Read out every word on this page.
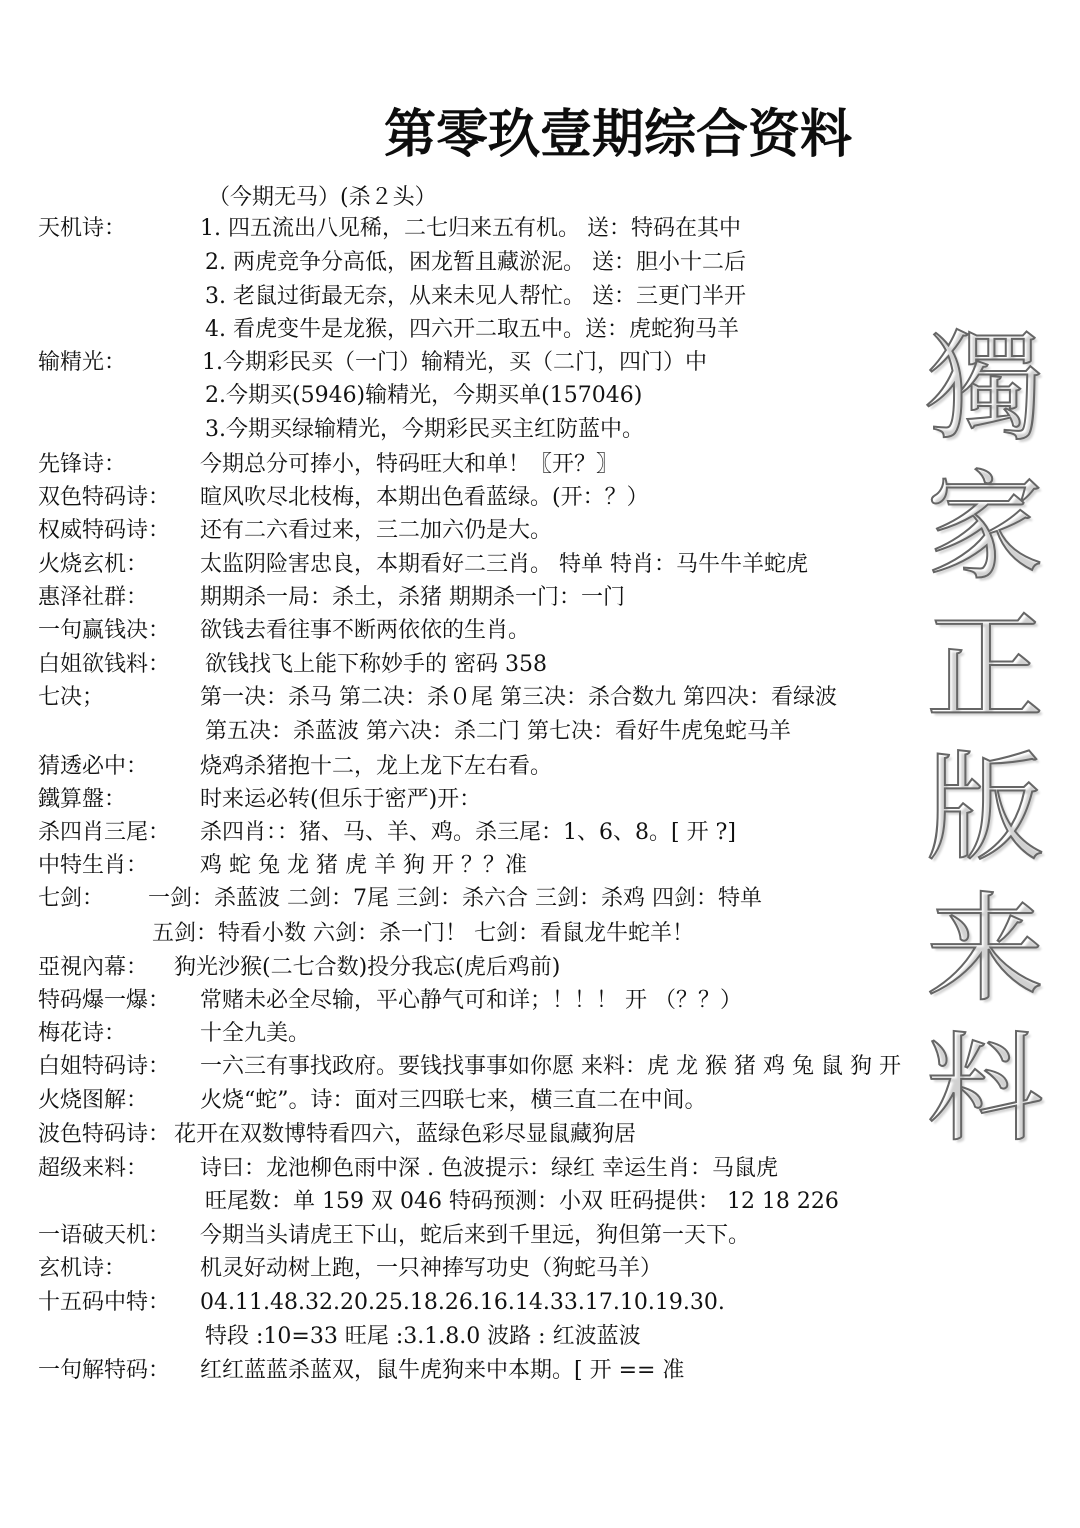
第零玖壹期综合资料
（今期无马）(杀２头）
獨
家
正
版
来
料
天机诗：	1. 四五流出八见稀，二七归来五有机。 送：特码在其中
2. 两虎竞争分高低，困龙暂且藏淤泥。 送：胆小十二后
3. 老鼠过街最无奈，从来未见人帮忙。 送：三更门半开
4. 看虎变牛是龙猴，四六开二取五中。送：虎蛇狗马羊
输精光：	1.今期彩民买（一门）输精光，买（二门，四门）中
2.今期买(5946)输精光，今期买单(157046)
3.今期买绿输精光，今期彩民买主红防蓝中。
先锋诗：	今期总分可捧小，特码旺大和单！〖开？〗
双色特码诗： 暄风吹尽北枝梅，本期出色看蓝绿。(开：？）
权威特码诗： 还有二六看过来，三二加六仍是大。
火烧玄机： 太监阴险害忠良，本期看好二三肖。 特单 特肖：马牛牛羊蛇虎
惠泽社群： 期期杀一局：杀土，杀猪 期期杀一门：一门
一句赢钱决： 欲钱去看往事不断两依依的生肖。
白姐欲钱料： 欲钱找飞上能下称妙手的 密码 358
七决；	第一决：杀马 第二决：杀０尾 第三决：杀合数九 第四决：看绿波
第五决：杀蓝波 第六决：杀二门 第七决：看好牛虎兔蛇马羊
猜透必中： 烧鸡杀猪抱十二，龙上龙下左右看。
鐵算盤：	时来运必转(但乐于密严)开：
杀四肖三尾： 杀四肖：：猪、马、羊、鸡。杀三尾：1、6、8。[ 开 ?]
中特生肖： 鸡 蛇 兔 龙 猪 虎 羊 狗 开 ？？准
七剑： 一剑：杀蓝波 二剑：7尾 三剑：杀六合 三剑：杀鸡 四剑：特单
五剑：特看小数 六剑：杀一门！ 七剑：看鼠龙牛蛇羊！
亞視內幕： 狗光沙猴(二七合数)投分我忘(虎后鸡前)
特码爆一爆： 常赌未必全尽输，平心静气可和详；！！！ 开 （？？）
梅花诗：	十全九美。
白姐特码诗： 一六三有事找政府。要钱找事事如你愿 来料：虎 龙 猴 猪 鸡 兔 鼠 狗 开
火烧图解： 火烧“蛇”。诗：面对三四联七来，横三直二在中间。
波色特码诗： 花开在双数博特看四六，蓝绿色彩尽显鼠藏狗居
超级来料： 诗曰：龙池柳色雨中深 . 色波提示：绿红 幸运生肖：马鼠虎
旺尾数：单 159 双 046 特码预测：小双 旺码提供： 12 18 226
一语破天机： 今期当头请虎王下山，蛇后来到千里远，狗但第一天下。
玄机诗：	机灵好动树上跑，一只神捧写功史（狗蛇马羊）
十五码中特： 04.11.48.32.20.25.18.26.16.14.33.17.10.19.30.
特段 :10=33 旺尾 :3.1.8.0 波路 : 红波蓝波
一句解特码： 红红蓝蓝杀蓝双，鼠牛虎狗来中本期。[ 开 == 准
